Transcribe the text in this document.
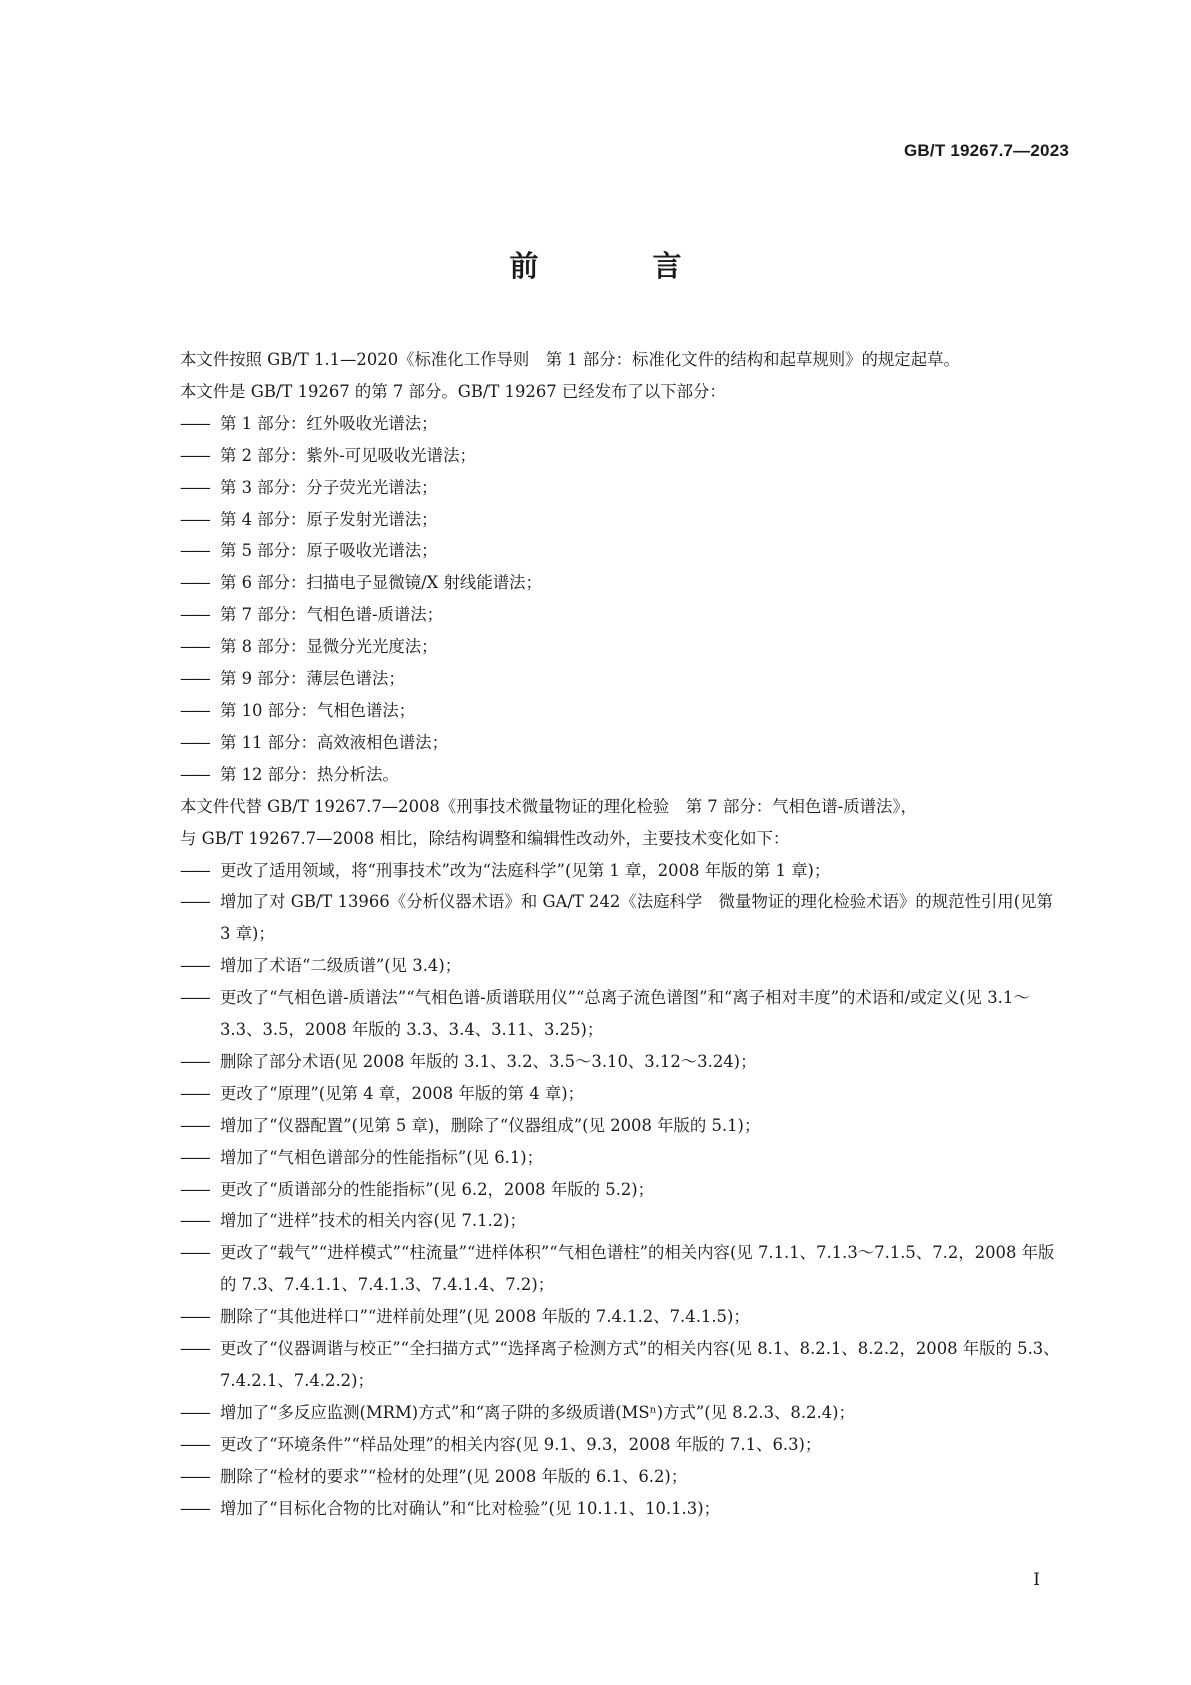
GB/T 19267.7—2023
前 言

本文件按照 GB/T 1.1—2020《标准化工作导则　第 1 部分：标准化文件的结构和起草规则》的规定起草。

本文件是 GB/T 19267 的第 7 部分。GB/T 19267 已经发布了以下部分：

—— 第 1 部分：红外吸收光谱法；

—— 第 2 部分：紫外-可见吸收光谱法；

—— 第 3 部分：分子荧光光谱法；

—— 第 4 部分：原子发射光谱法；

—— 第 5 部分：原子吸收光谱法；

—— 第 6 部分：扫描电子显微镜/X 射线能谱法；

—— 第 7 部分：气相色谱-质谱法；

—— 第 8 部分：显微分光光度法；

—— 第 9 部分：薄层色谱法；

—— 第 10 部分：气相色谱法；

—— 第 11 部分：高效液相色谱法；

—— 第 12 部分：热分析法。

本文件代替 GB/T 19267.7—2008《刑事技术微量物证的理化检验　第 7 部分：气相色谱-质谱法》，

与 GB/T 19267.7—2008 相比，除结构调整和编辑性改动外，主要技术变化如下：

—— 更改了适用领域，将“刑事技术”改为“法庭科学”(见第 1 章，2008 年版的第 1 章)；

—— 增加了对 GB/T 13966《分析仪器术语》和 GA/T 242《法庭科学　微量物证的理化检验术语》的规范性引用(见第 3 章)；

—— 增加了术语“二级质谱”(见 3.4)；

—— 更改了“气相色谱-质谱法”“气相色谱-质谱联用仪”“总离子流色谱图”和“离子相对丰度”的术语和/或定义(见 3.1～3.3、3.5，2008 年版的 3.3、3.4、3.11、3.25)；

—— 删除了部分术语(见 2008 年版的 3.1、3.2、3.5～3.10、3.12～3.24)；

—— 更改了“原理”(见第 4 章，2008 年版的第 4 章)；

—— 增加了“仪器配置”(见第 5 章)，删除了“仪器组成”(见 2008 年版的 5.1)；

—— 增加了“气相色谱部分的性能指标”(见 6.1)；

—— 更改了“质谱部分的性能指标”(见 6.2，2008 年版的 5.2)；

—— 增加了“进样”技术的相关内容(见 7.1.2)；

—— 更改了“载气”“进样模式”“柱流量”“进样体积”“气相色谱柱”的相关内容(见 7.1.1、7.1.3～7.1.5、7.2，2008 年版的 7.3、7.4.1.1、7.4.1.3、7.4.1.4、7.2)；

—— 删除了“其他进样口”“进样前处理”(见 2008 年版的 7.4.1.2、7.4.1.5)；

—— 更改了“仪器调谐与校正”“全扫描方式”“选择离子检测方式”的相关内容(见 8.1、8.2.1、8.2.2，2008 年版的 5.3、7.4.2.1、7.4.2.2)；

—— 增加了“多反应监测(MRM)方式”和“离子阱的多级质谱(MSⁿ)方式”(见 8.2.3、8.2.4)；

—— 更改了“环境条件”“样品处理”的相关内容(见 9.1、9.3，2008 年版的 7.1、6.3)；

—— 删除了“检材的要求”“检材的处理”(见 2008 年版的 6.1、6.2)；

—— 增加了“目标化合物的比对确认”和“比对检验”(见 10.1.1、10.1.3)；

I
